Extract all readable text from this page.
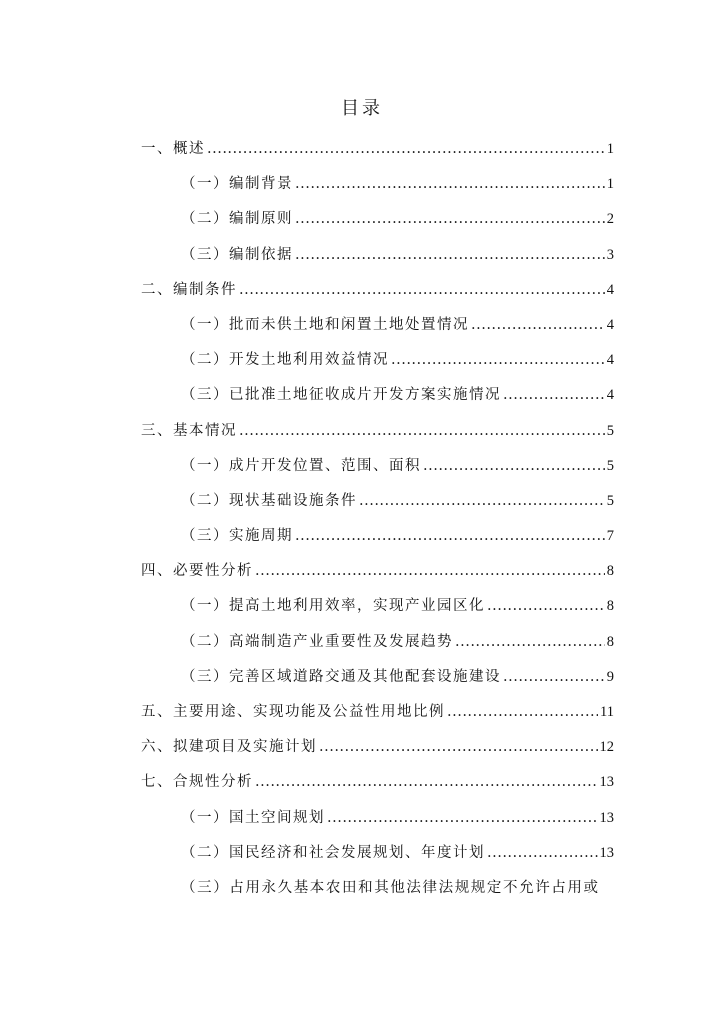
目录
一、概述 .....	1
（一）编制背景 .....	1
（二）编制原则 .....	2
（三）编制依据 .....	3
二、编制条件 .....	4
（一）批而未供土地和闲置土地处置情况 .....	4
（二）开发土地利用效益情况 .....	4
（三）已批准土地征收成片开发方案实施情况 .....	4
三、基本情况 .....	5
（一）成片开发位置、范围、面积 .....	5
（二）现状基础设施条件 .....	5
（三）实施周期 .....	7
四、必要性分析 .....	8
（一）提高土地利用效率，实现产业园区化 .....	8
（二）高端制造产业重要性及发展趋势 .....	8
（三）完善区域道路交通及其他配套设施建设 .....	9
五、主要用途、实现功能及公益性用地比例 .....	11
六、拟建项目及实施计划 .....	12
七、合规性分析 .....	13
（一）国土空间规划 .....	13
（二）国民经济和社会发展规划、年度计划 .....	13
（三）占用永久基本农田和其他法律法规规定不允许占用或
